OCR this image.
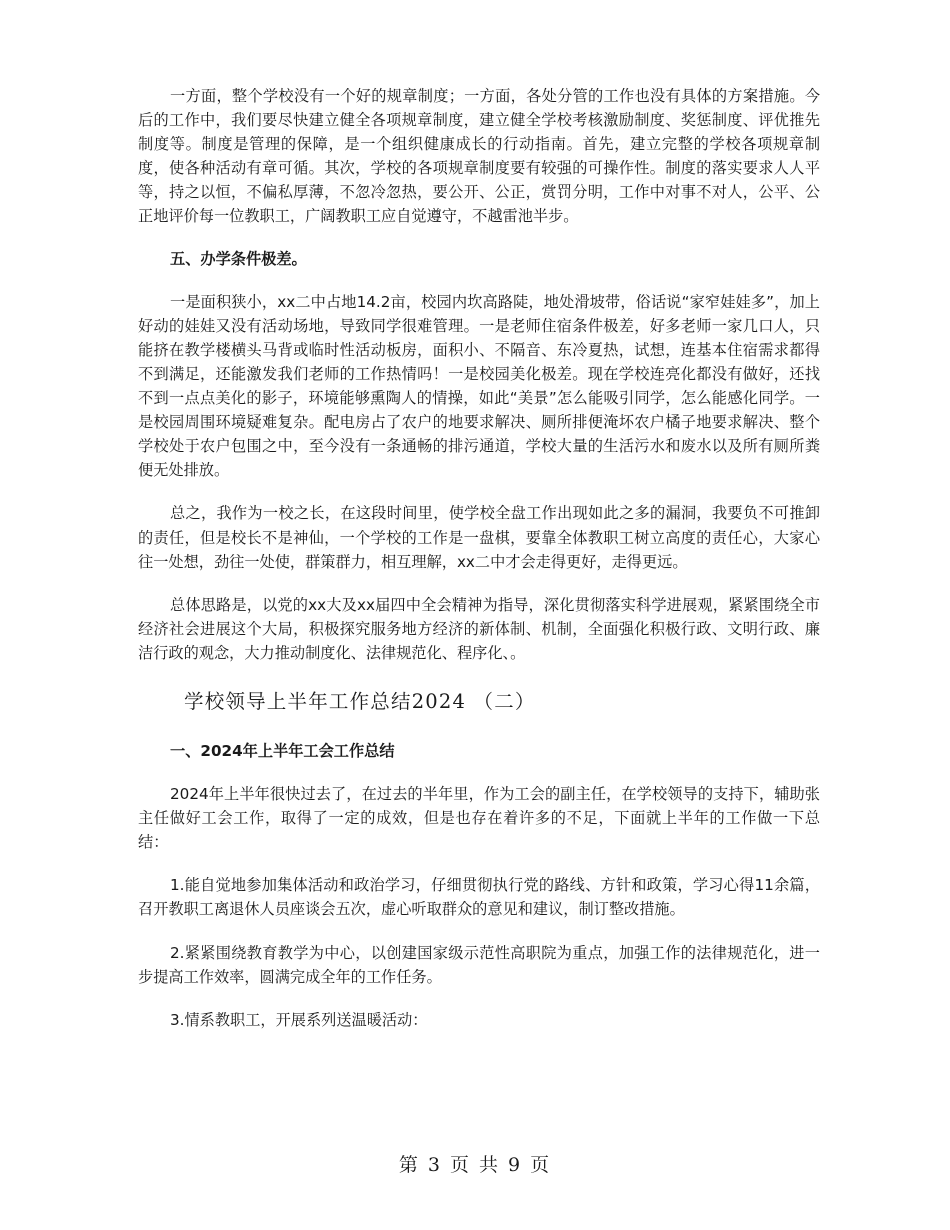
一方面，整个学校没有一个好的规章制度；一方面，各处分管的工作也没有具体的方案措施。今后的工作中，我们要尽快建立健全各项规章制度，建立健全学校考核激励制度、奖惩制度、评优推先制度等。制度是管理的保障，是一个组织健康成长的行动指南。首先，建立完整的学校各项规章制度，使各种活动有章可循。其次，学校的各项规章制度要有较强的可操作性。制度的落实要求人人平等，持之以恒，不偏私厚薄，不忽冷忽热，要公开、公正，赏罚分明，工作中对事不对人，公平、公正地评价每一位教职工，广阔教职工应自觉遵守，不越雷池半步。

五、办学条件极差。

一是面积狭小，xx二中占地14.2亩，校园内坎高路陡，地处滑坡带，俗话说“家窄娃娃多”，加上好动的娃娃又没有活动场地，导致同学很难管理。一是老师住宿条件极差，好多老师一家几口人，只能挤在教学楼横头马背或临时性活动板房，面积小、不隔音、东冷夏热，试想，连基本住宿需求都得不到满足，还能激发我们老师的工作热情吗！一是校园美化极差。现在学校连亮化都没有做好，还找不到一点点美化的影子，环境能够熏陶人的情操，如此“美景”怎么能吸引同学，怎么能感化同学。一是校园周围环境疑难复杂。配电房占了农户的地要求解决、厕所排便淹坏农户橘子地要求解决、整个学校处于农户包围之中，至今没有一条通畅的排污通道，学校大量的生活污水和废水以及所有厕所粪便无处排放。

总之，我作为一校之长，在这段时间里，使学校全盘工作出现如此之多的漏洞，我要负不可推卸的责任，但是校长不是神仙，一个学校的工作是一盘棋，要靠全体教职工树立高度的责任心，大家心往一处想，劲往一处使，群策群力，相互理解，xx二中才会走得更好，走得更远。

总体思路是，以党的xx大及xx届四中全会精神为指导，深化贯彻落实科学进展观，紧紧围绕全市经济社会进展这个大局，积极探究服务地方经济的新体制、机制，全面强化积极行政、文明行政、廉洁行政的观念，大力推动制度化、法律规范化、程序化、。

学校领导上半年工作总结2024 （二）

一、2024年上半年工会工作总结

2024年上半年很快过去了，在过去的半年里，作为工会的副主任，在学校领导的支持下，辅助张主任做好工会工作，取得了一定的成效，但是也存在着许多的不足，下面就上半年的工作做一下总结：

1.能自觉地参加集体活动和政治学习，仔细贯彻执行党的路线、方针和政策，学习心得11余篇，召开教职工离退休人员座谈会五次，虚心听取群众的意见和建议，制订整改措施。

2.紧紧围绕教育教学为中心，以创建国家级示范性高职院为重点，加强工作的法律规范化，进一步提高工作效率，圆满完成全年的工作任务。

3.情系教职工，开展系列送温暖活动：

第 3 页 共 9 页
